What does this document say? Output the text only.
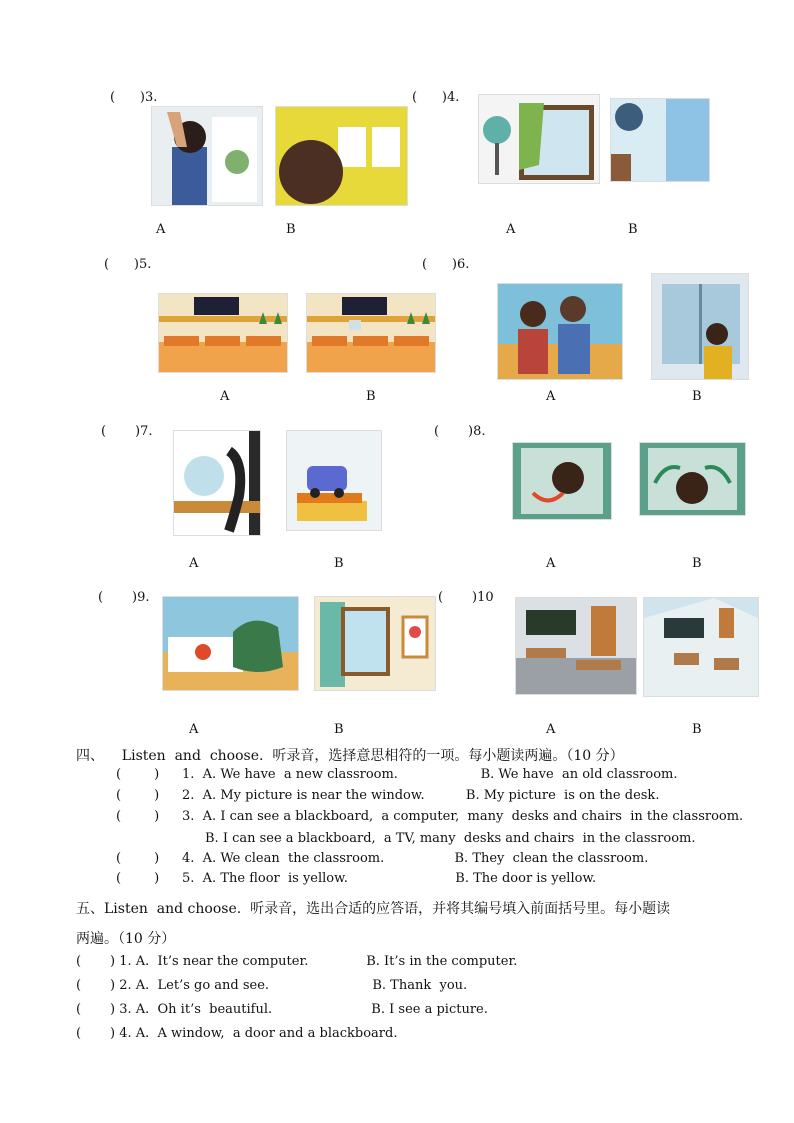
(      )3.
A	B
(      )4.
A	B
(      )5.
A	B
(      )6.
A	B
(       )7.
A	B
(       )8.
A	B
(       )9.
A	B
(       )10
A	B
四、    Listen  and  choose.  听录音，选择意思相符的一项。每小题读两遍。（10 分）
(        ) 1.  A. We have  a new classroom.                    B. We have  an old classroom.
(        ) 2.  A. My picture is near the window.          B. My picture  is on the desk.
(        ) 3.  A. I can see a blackboard,  a computer,  many  desks and chairs  in the classroom.
B. I can see a blackboard,  a TV, many  desks and chairs  in the classroom.
(        ) 4.  A. We clean  the classroom.                 B. They  clean the classroom.
(        ) 5.  A. The floor  is yellow.                          B. The door is yellow.
五、Listen  and choose.  听录音，选出合适的应答语，并将其编号填入前面括号里。每小题读
两遍。（10 分）
(       ) 1. A.  It’s near the computer.              B. It’s in the computer.
(       ) 2. A.  Let’s go and see.                         B. Thank  you.
(       ) 3. A.  Oh it’s  beautiful.                        B. I see a picture.
(       ) 4. A.  A window,  a door and a blackboard.
